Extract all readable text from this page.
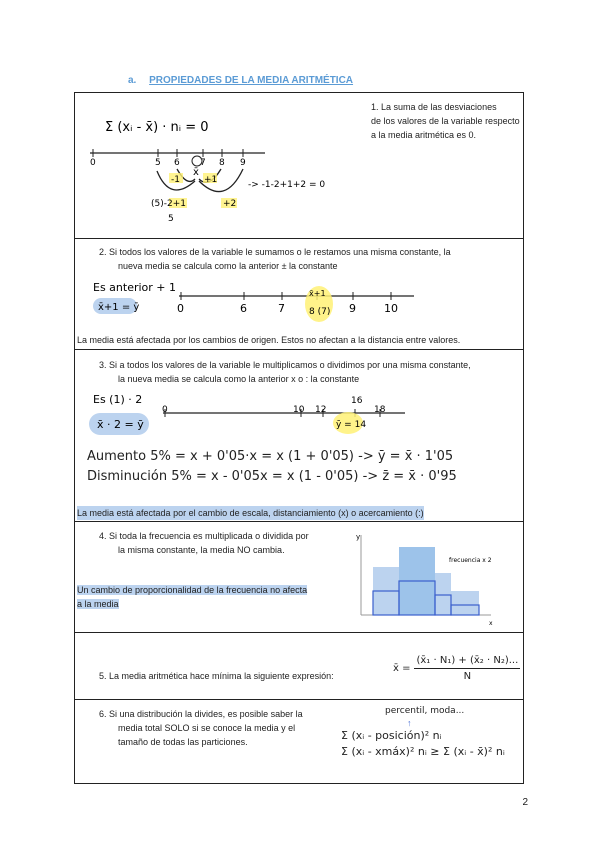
a. PROPIEDADES DE LA MEDIA ARITMÉTICA
1. La suma de las desviaciones
de los valores de la variable respecto
a la media aritmética es 0.
Σ (xᵢ - x̄) · nᵢ = 0
0	5 6 7 8 9
x̄
-1	+1
(5)-2+1
5
+2
-> -1-2+1+2 = 0
2. Si todos los valores de la variable le sumamos o le restamos una misma constante, la
nueva media se calcula como la anterior ± la constante
Es anterior + 1
x̄+1 = ȳ	0	6	7	9	10
x̄+1
8 (7)
La media está afectada por los cambios de origen. Estos no afectan a la distancia entre valores.
3. Si a todos los valores de la variable le multiplicamos o dividimos por una misma constante,
la nueva media se calcula como la anterior x o : la constante
Es (1) · 2
x̄ · 2 = ȳ
0	10 12	18
16
ȳ = 14
Aumento 5% = x + 0'05·x = x (1 + 0'05) -> ȳ = x̄ · 1'05
Disminución 5% = x - 0'05x = x (1 - 0'05) -> z̄ = x̄ · 0'95
La media está afectada por el cambio de escala, distanciamiento (x) o acercamiento (:)
4. Si toda la frecuencia es multiplicada o dividida por
la misma constante, la media NO cambia.
Un cambio de proporcionalidad de la frecuencia no afecta
a la media
y
x
frecuencia x 2
5. La media aritmética hace mínima la siguiente expresión:
x̄ = $\frac{\text{(x̄₁ · N₁) + (x̄₂ · N₂)...}}{N}$
6. Si una distribución la divides, es posible saber la
media total SOLO si se conoce la media y el
tamaño de todas las particiones.
percentil, moda...
↑
Σ (xᵢ - posición)² nᵢ
Σ (xᵢ - xmáx)² nᵢ ≥ Σ (xᵢ - x̄)² nᵢ
2
